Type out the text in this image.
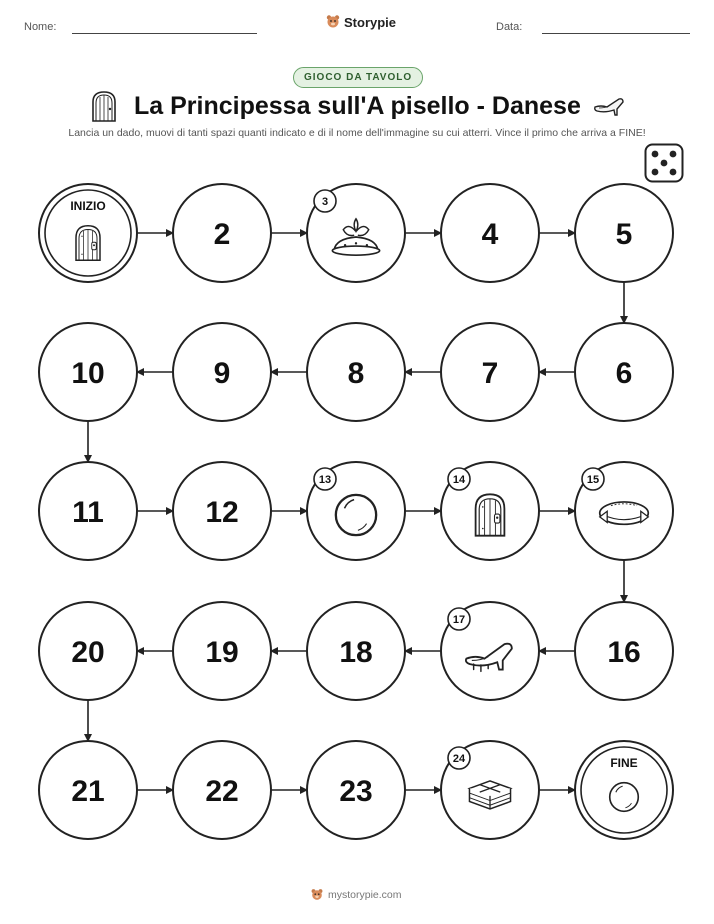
Nome:	Storypie	Data:
GIOCO DA TAVOLO
La Principessa sull'A pisello - Danese
Lancia un dado, muovi di tanti spazi quanti indicato e di il nome dell'immagine su cui atterri. Vince il primo che arriva a FINE!
INIZIO
2
3
4	5
10	9	8	7	6
11	12
13	14	15
20	19	18
17
16
21	22	23
24	FINE
mystorypie.com
